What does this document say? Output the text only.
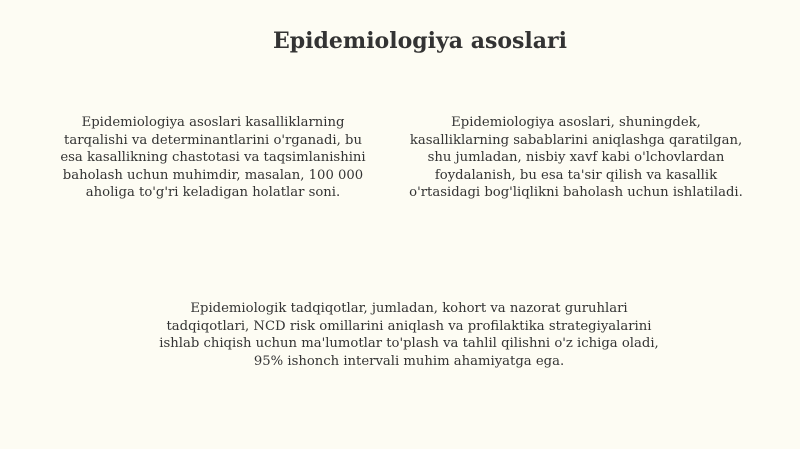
Epidemiologiya asoslari

Epidemiologiya asoslari kasalliklarning tarqalishi va determinantlarini o'rganadi, bu esa kasallikning chastotasi va taqsimlanishini baholash uchun muhimdir, masalan, 100 000 aholiga to'g'ri keladigan holatlar soni.

Epidemiologiya asoslari, shuningdek, kasalliklarning sabablarini aniqlashga qaratilgan, shu jumladan, nisbiy xavf kabi o'lchovlardan foydalanish, bu esa ta'sir qilish va kasallik o'rtasidagi bog'liqlikni baholash uchun ishlatiladi.

Epidemiologik tadqiqotlar, jumladan, kohort va nazorat guruhlari tadqiqotlari, NCD risk omillarini aniqlash va profilaktika strategiyalarini ishlab chiqish uchun ma'lumotlar to'plash va tahlil qilishni o'z ichiga oladi, 95% ishonch intervali muhim ahamiyatga ega.
